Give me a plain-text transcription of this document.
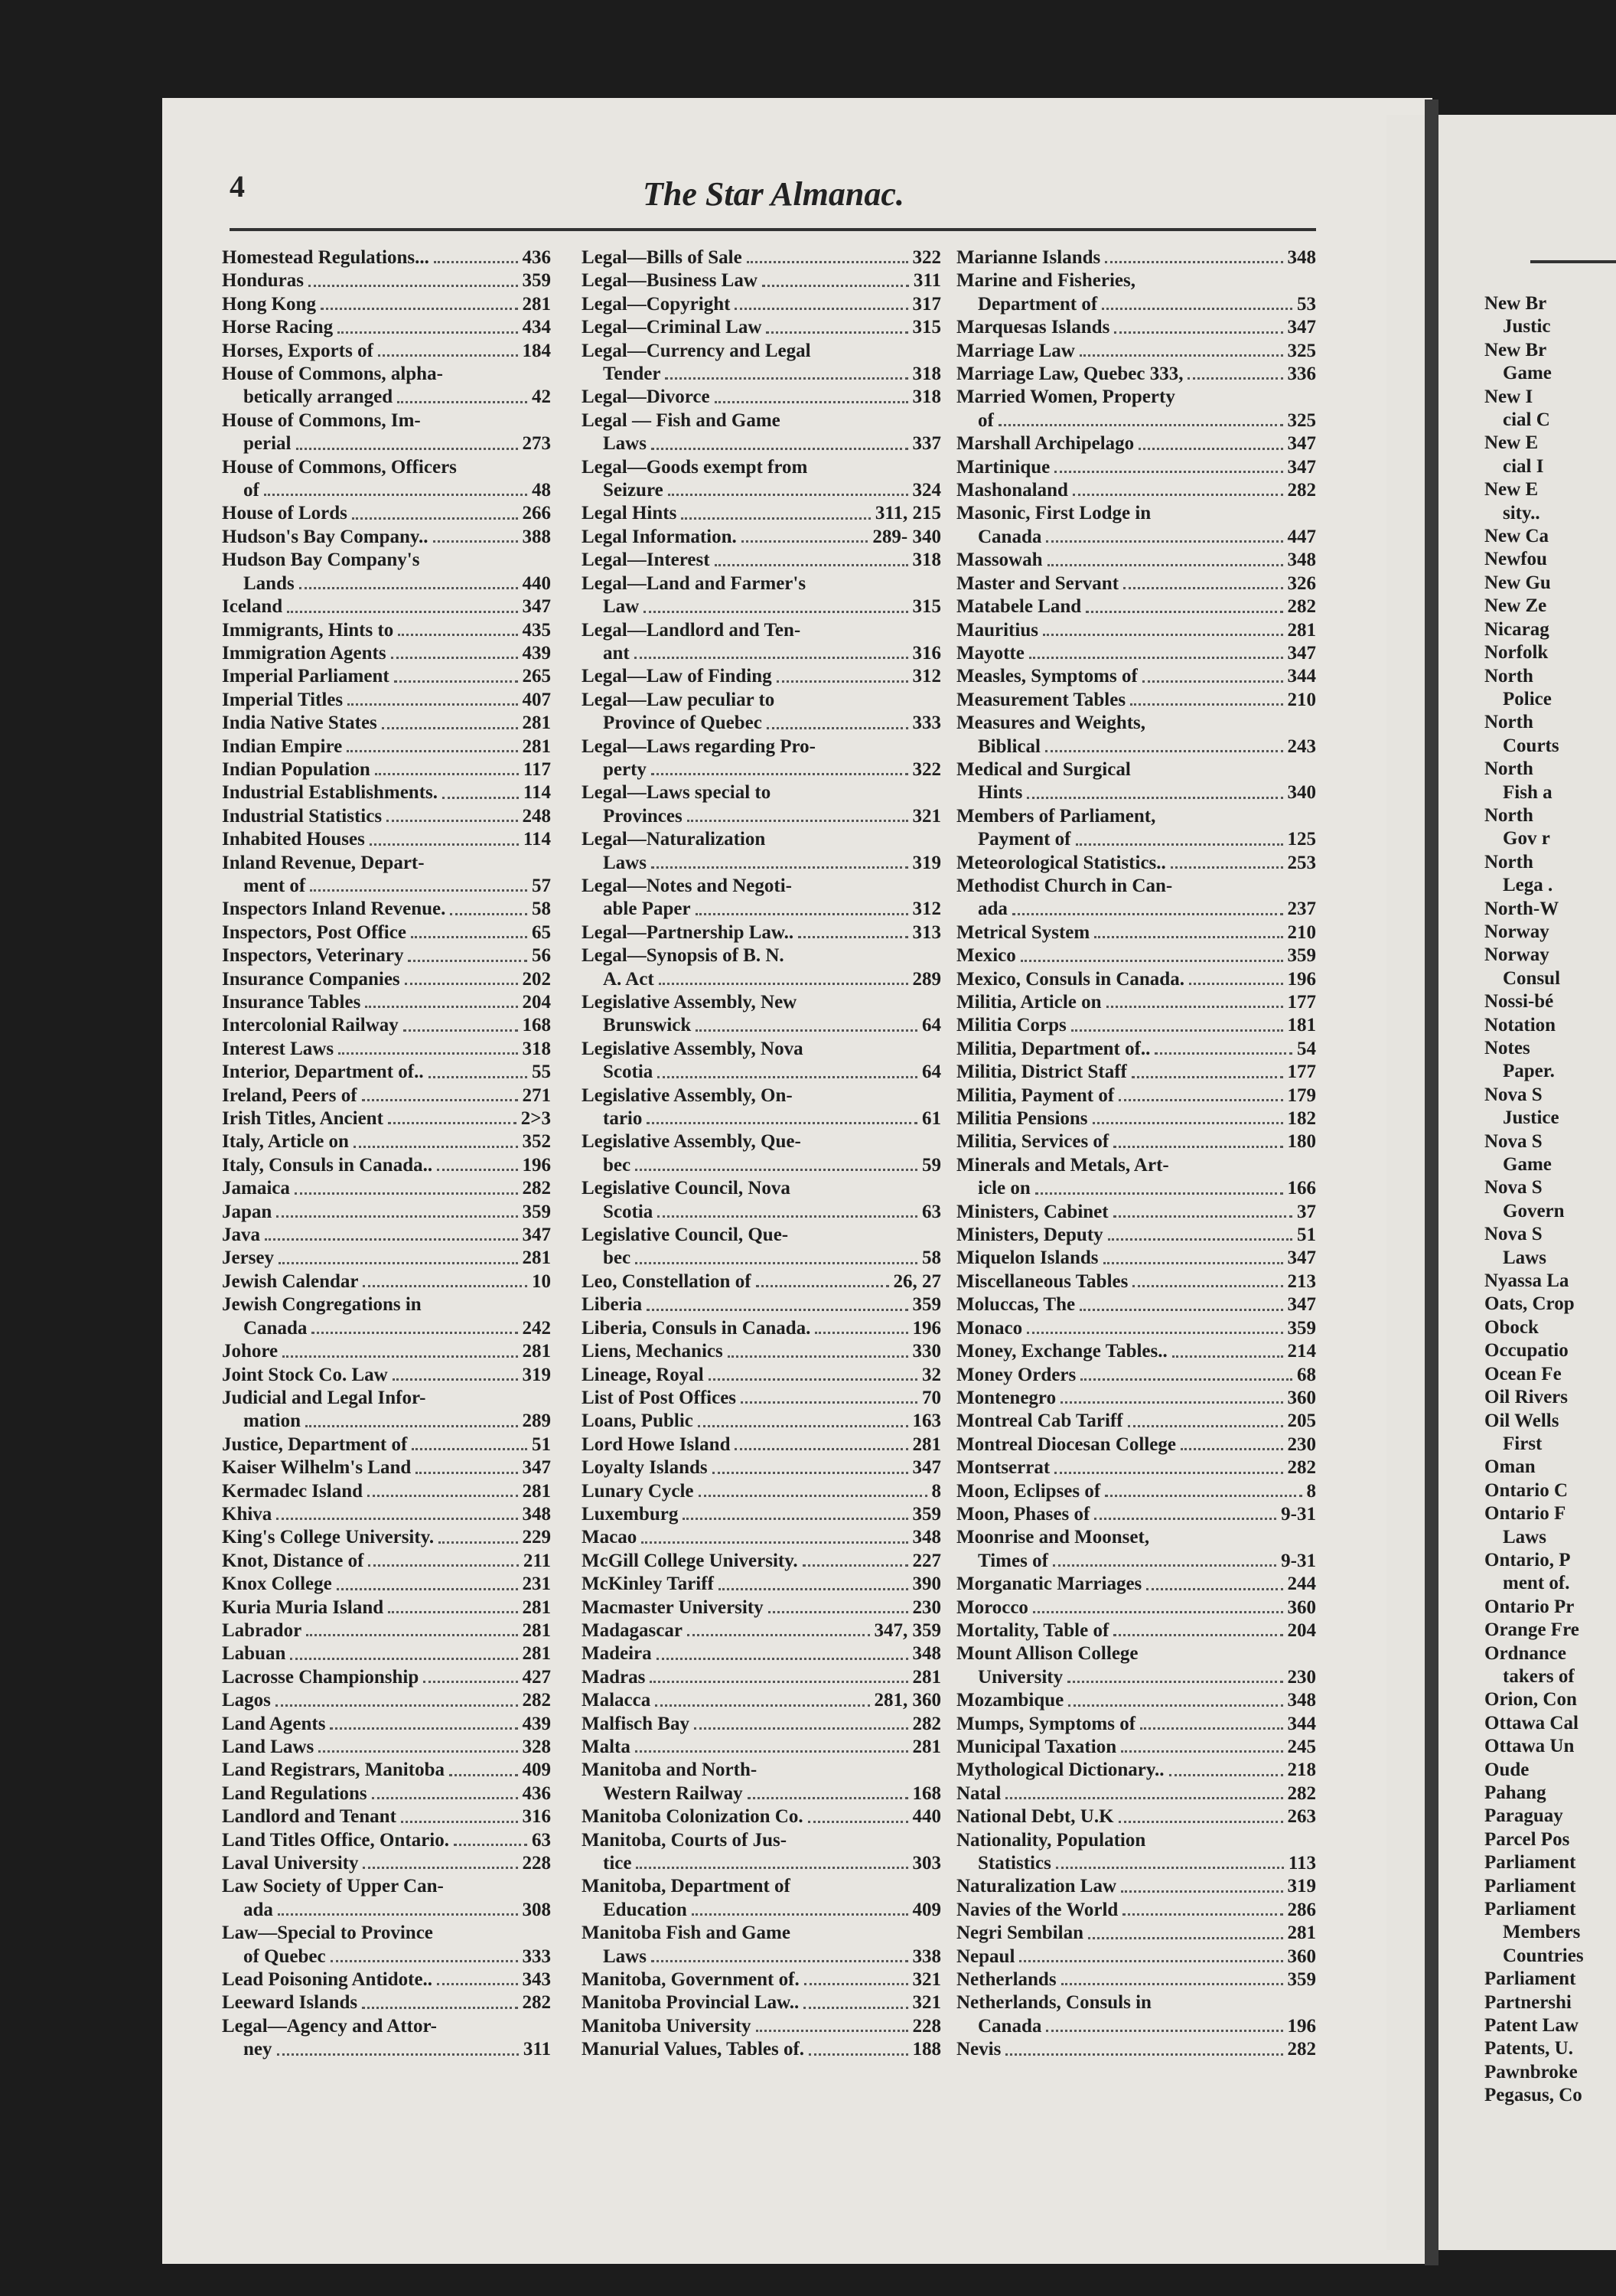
4	The Star Almanac.
Homestead Regulations...	436
Honduras	359
Hong Kong	281
Horse Racing	434
Horses, Exports of	184
House of Commons, alpha-
betically arranged	42
House of Commons, Im-
perial	273
House of Commons, Officers
of	48
House of Lords	266
Hudson's Bay Company..	388
Hudson Bay Company's
Lands	440
Iceland	347
Immigrants, Hints to	435
Immigration Agents	439
Imperial Parliament	265
Imperial Titles	407
India Native States	281
Indian Empire	281
Indian Population	117
Industrial Establishments.	114
Industrial Statistics	248
Inhabited Houses	114
Inland Revenue, Depart-
ment of	57
Inspectors Inland Revenue.	58
Inspectors, Post Office	65
Inspectors, Veterinary	56
Insurance Companies	202
Insurance Tables	204
Intercolonial Railway	168
Interest Laws	318
Interior, Department of..	55
Ireland, Peers of	271
Irish Titles, Ancient	2>3
Italy, Article on	352
Italy, Consuls in Canada..	196
Jamaica	282
Japan	359
Java	347
Jersey	281
Jewish Calendar	10
Jewish Congregations in
Canada	242
Johore	281
Joint Stock Co. Law	319
Judicial and Legal Infor-
mation	289
Justice, Department of	51
Kaiser Wilhelm's Land	347
Kermadec Island	281
Khiva	348
King's College University.	229
Knot, Distance of	211
Knox College	231
Kuria Muria Island	281
Labrador	281
Labuan	281
Lacrosse Championship	427
Lagos	282
Land Agents	439
Land Laws	328
Land Registrars, Manitoba	409
Land Regulations	436
Landlord and Tenant	316
Land Titles Office, Ontario.	63
Laval University	228
Law Society of Upper Can-
ada	308
Law—Special to Province
of Quebec	333
Lead Poisoning Antidote..	343
Leeward Islands	282
Legal—Agency and Attor-
ney	311
Legal—Bills of Sale	322
Legal—Business Law	311
Legal—Copyright	317
Legal—Criminal Law	315
Legal—Currency and Legal
Tender	318
Legal—Divorce	318
Legal — Fish and Game
Laws	337
Legal—Goods exempt from
Seizure	324
Legal Hints	311, 215
Legal Information.	289- 340
Legal—Interest	318
Legal—Land and Farmer's
Law	315
Legal—Landlord and Ten-
ant	316
Legal—Law of Finding	312
Legal—Law peculiar to
Province of Quebec	333
Legal—Laws regarding Pro-
perty	322
Legal—Laws special to
Provinces	321
Legal—Naturalization
Laws	319
Legal—Notes and Negoti-
able Paper	312
Legal—Partnership Law..	313
Legal—Synopsis of B. N.
A. Act	289
Legislative Assembly, New
Brunswick	64
Legislative Assembly, Nova
Scotia	64
Legislative Assembly, On-
tario	61
Legislative Assembly, Que-
bec	59
Legislative Council, Nova
Scotia	63
Legislative Council, Que-
bec	58
Leo, Constellation of	26, 27
Liberia	359
Liberia, Consuls in Canada.	196
Liens, Mechanics	330
Lineage, Royal	32
List of Post Offices	70
Loans, Public	163
Lord Howe Island	281
Loyalty Islands	347
Lunary Cycle	8
Luxemburg	359
Macao	348
McGill College University.	227
McKinley Tariff	390
Macmaster University	230
Madagascar	347, 359
Madeira	348
Madras	281
Malacca	281, 360
Malfisch Bay	282
Malta	281
Manitoba and North-
Western Railway	168
Manitoba Colonization Co.	440
Manitoba, Courts of Jus-
tice	303
Manitoba, Department of
Education	409
Manitoba Fish and Game
Laws	338
Manitoba, Government of.	321
Manitoba Provincial Law..	321
Manitoba University	228
Manurial Values, Tables of.	188
Marianne Islands	348
Marine and Fisheries,
Department of	53
Marquesas Islands	347
Marriage Law	325
Marriage Law, Quebec 333,	336
Married Women, Property
of	325
Marshall Archipelago	347
Martinique	347
Mashonaland	282
Masonic, First Lodge in
Canada	447
Massowah	348
Master and Servant	326
Matabele Land	282
Mauritius	281
Mayotte	347
Measles, Symptoms of	344
Measurement Tables	210
Measures and Weights,
Biblical	243
Medical and Surgical
Hints	340
Members of Parliament,
Payment of	125
Meteorological Statistics..	253
Methodist Church in Can-
ada	237
Metrical System	210
Mexico	359
Mexico, Consuls in Canada.	196
Militia, Article on	177
Militia Corps	181
Militia, Department of..	54
Militia, District Staff	177
Militia, Payment of	179
Militia Pensions	182
Militia, Services of	180
Minerals and Metals, Art-
icle on	166
Ministers, Cabinet	37
Ministers, Deputy	51
Miquelon Islands	347
Miscellaneous Tables	213
Moluccas, The	347
Monaco	359
Money, Exchange Tables..	214
Money Orders	68
Montenegro	360
Montreal Cab Tariff	205
Montreal Diocesan College	230
Montserrat	282
Moon, Eclipses of	8
Moon, Phases of	9-31
Moonrise and Moonset,
Times of	9-31
Morganatic Marriages	244
Morocco	360
Mortality, Table of	204
Mount Allison College
University	230
Mozambique	348
Mumps, Symptoms of	344
Municipal Taxation	245
Mythological Dictionary..	218
Natal	282
National Debt, U.K	263
Nationality, Population
Statistics	113
Naturalization Law	319
Navies of the World	286
Negri Sembilan	281
Nepaul	360
Netherlands	359
Netherlands, Consuls in
Canada	196
Nevis	282
New Br
Justic
New Br
Game
New I
cial C
New E
cial I
New E
sity..
New Ca
Newfou
New Gu
New Ze
Nicarag
Norfolk
North
Police
North
Courts
North
Fish a
North
Gov r
North
Lega .
North-W
Norway
Norway
Consul
Nossi-bé
Notation
Notes
Paper.
Nova S
Justice
Nova S
Game
Nova S
Govern
Nova S
Laws
Nyassa La
Oats, Crop
Obock
Occupatio
Ocean Fe
Oil Rivers
Oil Wells
First
Oman
Ontario C
Ontario F
Laws
Ontario, P
ment of.
Ontario Pr
Orange Fre
Ordnance
takers of
Orion, Con
Ottawa Cal
Ottawa Un
Oude
Pahang
Paraguay
Parcel Pos
Parliament
Parliament
Parliament
Members
Countries
Parliament
Partnershi
Patent Law
Patents, U.
Pawnbroke
Pegasus, Co
